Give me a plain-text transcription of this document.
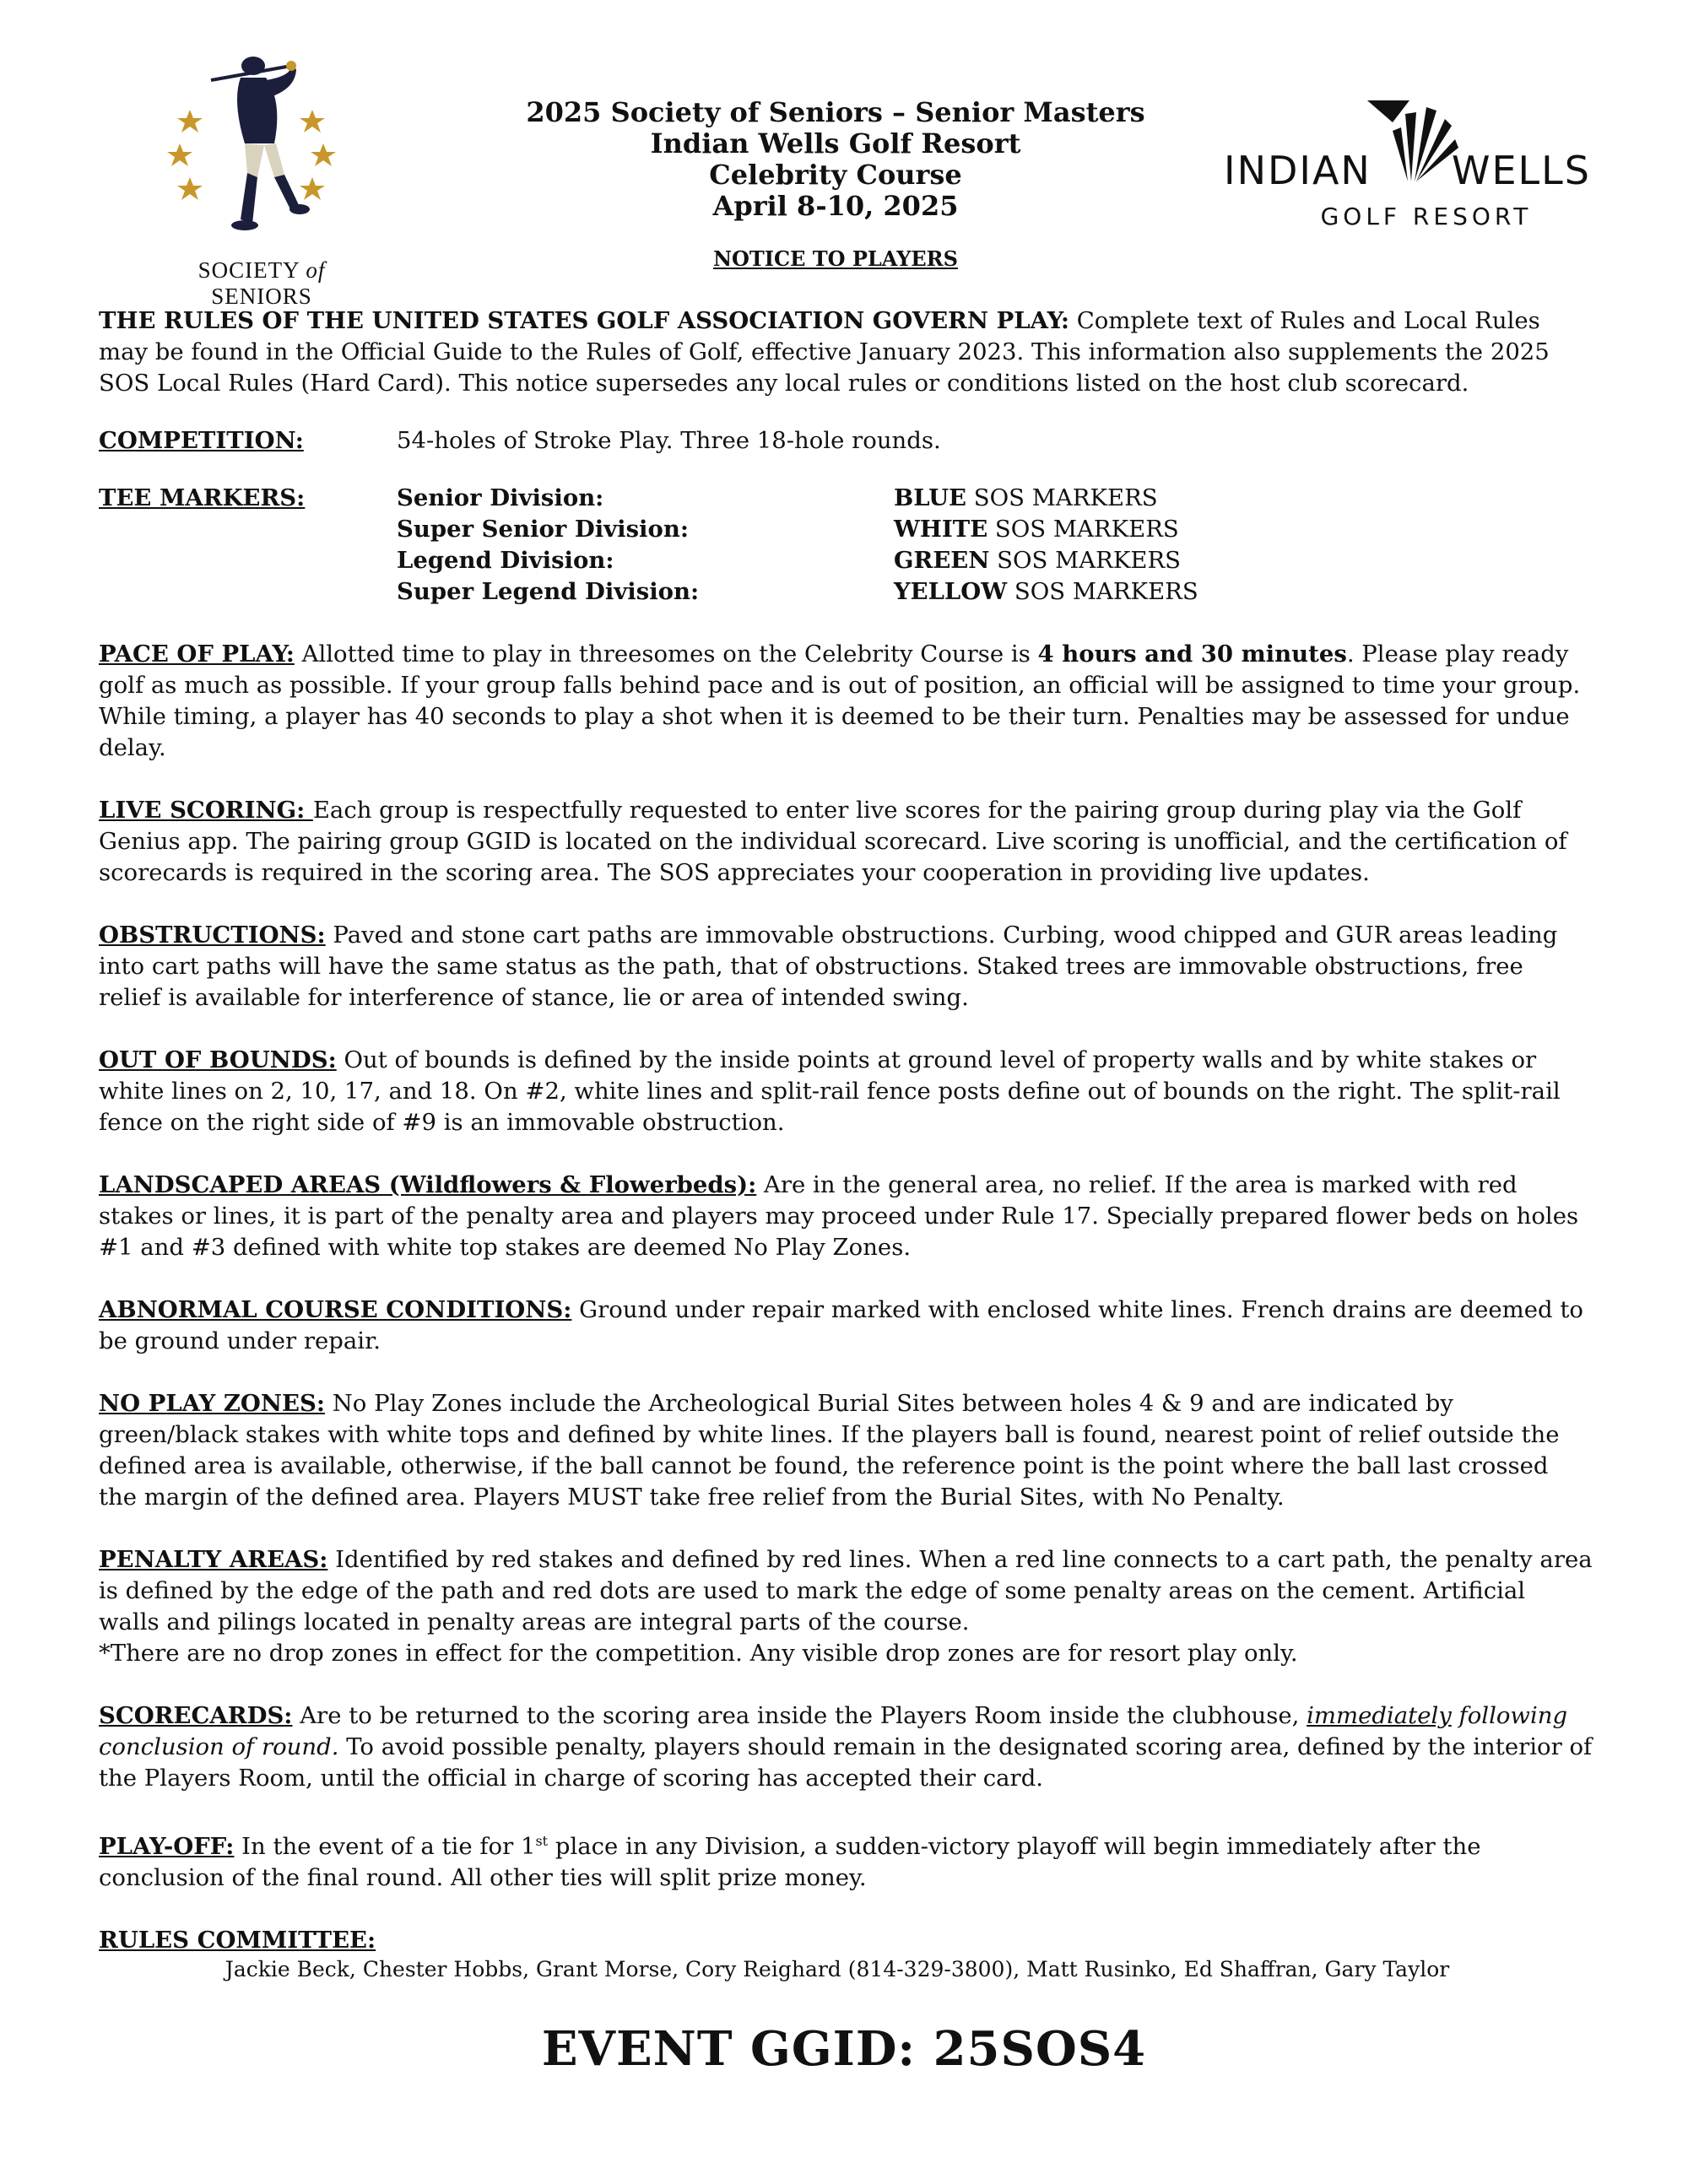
SOCIETY of SENIORS
2025 Society of Seniors – Senior Masters
Indian Wells Golf Resort
Celebrity Course
April 8-10, 2025
NOTICE TO PLAYERS
INDIAN WELLS
GOLF RESORT

THE RULES OF THE UNITED STATES GOLF ASSOCIATION GOVERN PLAY: Complete text of Rules and Local Rules may be found in the Official Guide to the Rules of Golf, effective January 2023. This information also supplements the 2025 SOS Local Rules (Hard Card). This notice supersedes any local rules or conditions listed on the host club scorecard.

COMPETITION:	54-holes of Stroke Play. Three 18-hole rounds.
TEE MARKERS:	Senior Division:	BLUE SOS MARKERS
Super Senior Division:	WHITE SOS MARKERS
Legend Division:	GREEN SOS MARKERS
Super Legend Division:	YELLOW SOS MARKERS

PACE OF PLAY: Allotted time to play in threesomes on the Celebrity Course is 4 hours and 30 minutes. Please play ready golf as much as possible. If your group falls behind pace and is out of position, an official will be assigned to time your group. While timing, a player has 40 seconds to play a shot when it is deemed to be their turn. Penalties may be assessed for undue delay.

LIVE SCORING: Each group is respectfully requested to enter live scores for the pairing group during play via the Golf Genius app. The pairing group GGID is located on the individual scorecard. Live scoring is unofficial, and the certification of scorecards is required in the scoring area. The SOS appreciates your cooperation in providing live updates.

OBSTRUCTIONS: Paved and stone cart paths are immovable obstructions. Curbing, wood chipped and GUR areas leading into cart paths will have the same status as the path, that of obstructions. Staked trees are immovable obstructions, free relief is available for interference of stance, lie or area of intended swing.

OUT OF BOUNDS: Out of bounds is defined by the inside points at ground level of property walls and by white stakes or white lines on 2, 10, 17, and 18. On #2, white lines and split-rail fence posts define out of bounds on the right. The split-rail fence on the right side of #9 is an immovable obstruction.

LANDSCAPED AREAS (Wildflowers & Flowerbeds): Are in the general area, no relief. If the area is marked with red stakes or lines, it is part of the penalty area and players may proceed under Rule 17. Specially prepared flower beds on holes #1 and #3 defined with white top stakes are deemed No Play Zones.

ABNORMAL COURSE CONDITIONS: Ground under repair marked with enclosed white lines. French drains are deemed to be ground under repair.

NO PLAY ZONES: No Play Zones include the Archeological Burial Sites between holes 4 & 9 and are indicated by green/black stakes with white tops and defined by white lines. If the players ball is found, nearest point of relief outside the defined area is available, otherwise, if the ball cannot be found, the reference point is the point where the ball last crossed the margin of the defined area. Players MUST take free relief from the Burial Sites, with No Penalty.

PENALTY AREAS: Identified by red stakes and defined by red lines. When a red line connects to a cart path, the penalty area is defined by the edge of the path and red dots are used to mark the edge of some penalty areas on the cement. Artificial walls and pilings located in penalty areas are integral parts of the course.
*There are no drop zones in effect for the competition. Any visible drop zones are for resort play only.

SCORECARDS: Are to be returned to the scoring area inside the Players Room inside the clubhouse, immediately following conclusion of round. To avoid possible penalty, players should remain in the designated scoring area, defined by the interior of the Players Room, until the official in charge of scoring has accepted their card.

PLAY-OFF: In the event of a tie for 1st place in any Division, a sudden-victory playoff will begin immediately after the conclusion of the final round. All other ties will split prize money.

RULES COMMITTEE:
Jackie Beck, Chester Hobbs, Grant Morse, Cory Reighard (814-329-3800), Matt Rusinko, Ed Shaffran, Gary Taylor
EVENT GGID: 25SOS4
